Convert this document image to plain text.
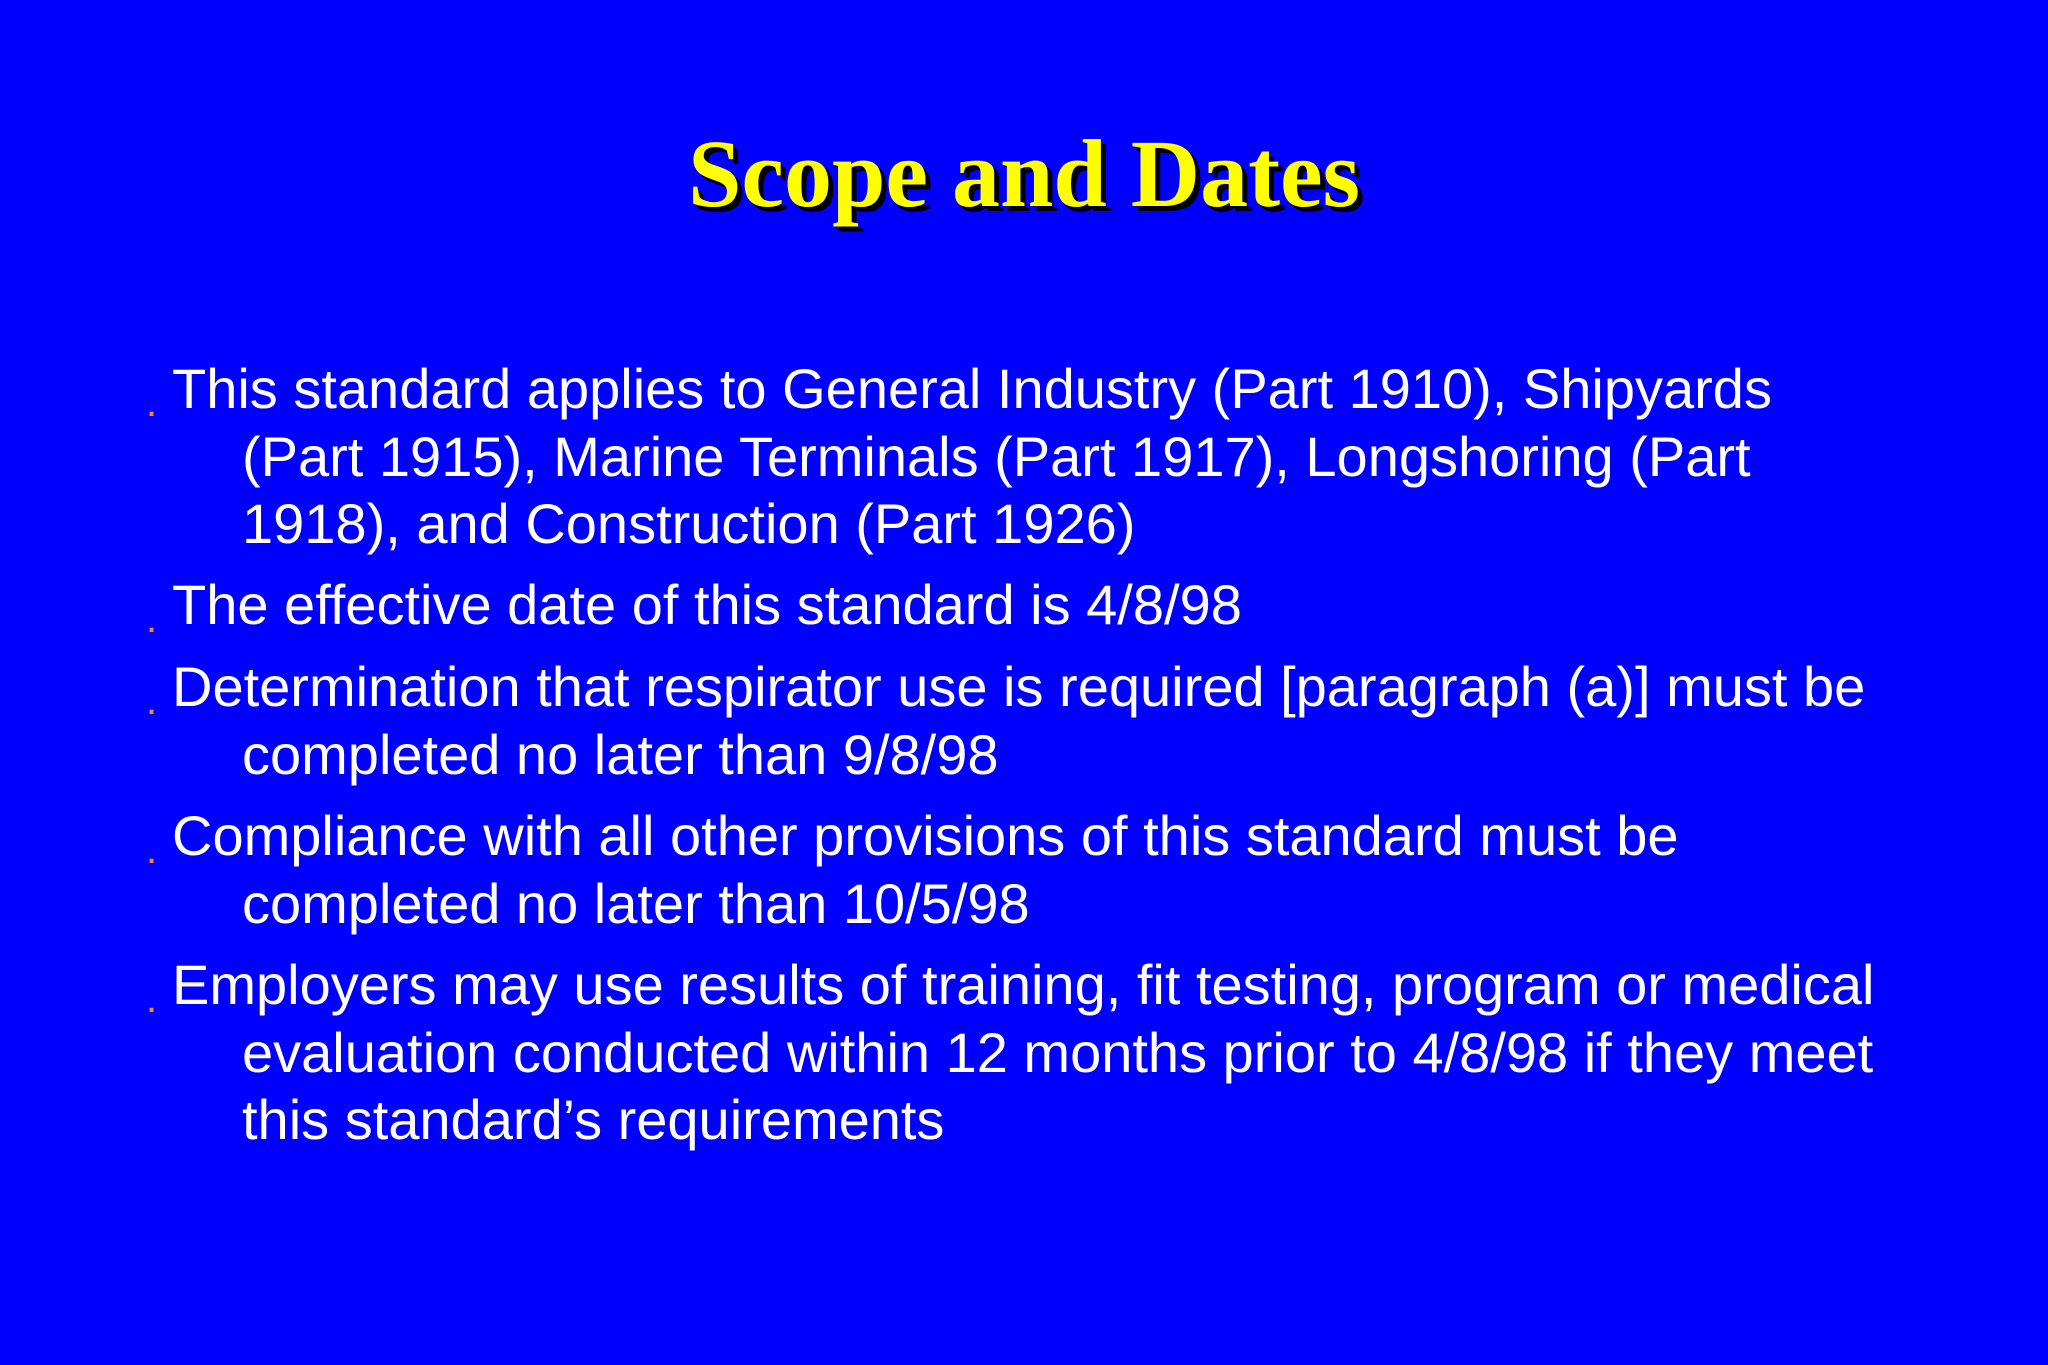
Scope and Dates
. This standard applies to General Industry (Part 1910), Shipyards (Part 1915), Marine Terminals (Part 1917), Longshoring (Part 1918), and Construction (Part 1926)
. The effective date of this standard is 4/8/98
. Determination that respirator use is required [paragraph (a)] must be completed no later than 9/8/98
. Compliance with all other provisions of this standard must be completed no later than 10/5/98
. Employers may use results of training, fit testing, program or medical evaluation conducted within 12 months prior to 4/8/98 if they meet this standard’s requirements
